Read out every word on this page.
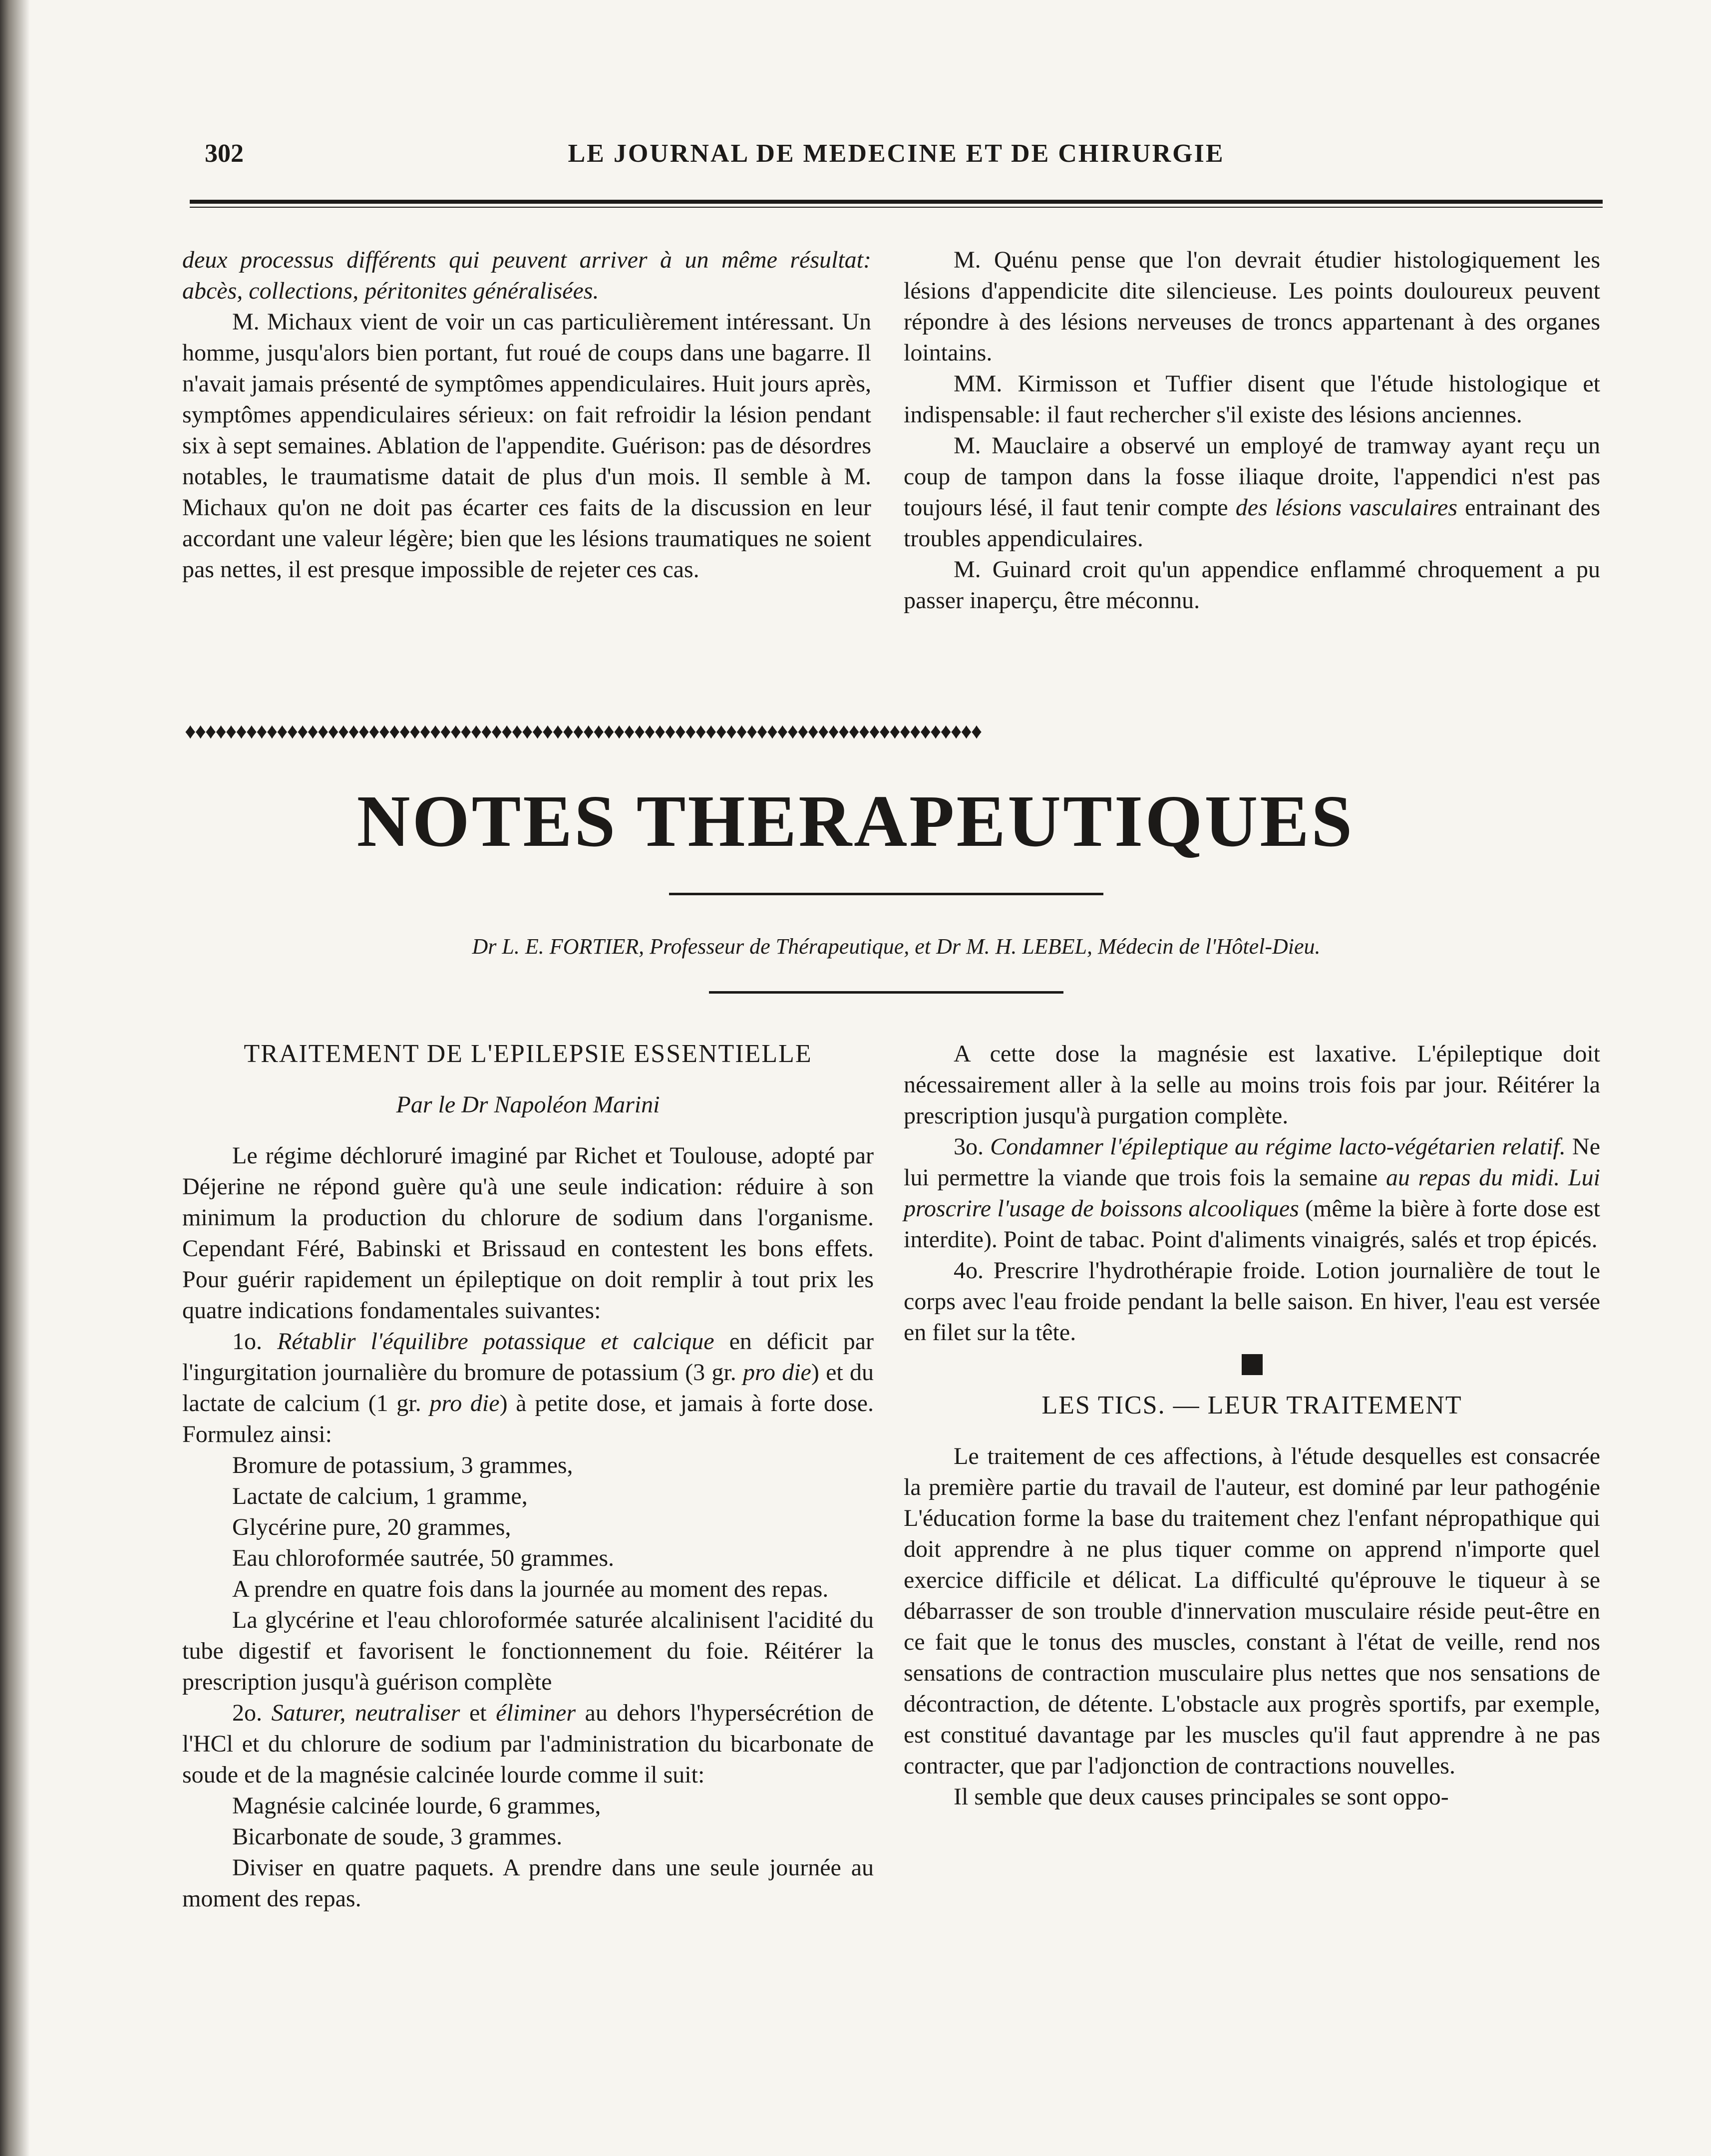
302	LE JOURNAL DE MEDECINE ET DE CHIRURGIE

deux processus différents qui peuvent arriver à un même résultat: abcès, collections, péritonites généralisées.

M. Michaux vient de voir un cas particulièrement intéressant. Un homme, jusqu'alors bien portant, fut roué de coups dans une bagarre. Il n'avait jamais présenté de symptômes appendiculaires. Huit jours après, symptômes appendiculaires sérieux: on fait refroidir la lésion pendant six à sept semaines. Ablation de l'appendite. Guérison: pas de désordres notables, le traumatisme datait de plus d'un mois. Il semble à M. Michaux qu'on ne doit pas écarter ces faits de la discussion en leur accordant une valeur légère; bien que les lésions traumatiques ne soient pas nettes, il est presque impossible de rejeter ces cas.

M. Quénu pense que l'on devrait étudier histologiquement les lésions d'appendicite dite silencieuse. Les points douloureux peuvent répondre à des lésions nerveuses de troncs appartenant à des organes lointains.

MM. Kirmisson et Tuffier disent que l'étude histologique et indispensable: il faut rechercher s'il existe des lésions anciennes.

M. Mauclaire a observé un employé de tramway ayant reçu un coup de tampon dans la fosse iliaque droite, l'appendici n'est pas toujours lésé, il faut tenir compte des lésions vasculaires entrainant des troubles appendiculaires.

M. Guinard croit qu'un appendice enflammé chroquement a pu passer inaperçu, être méconnu.

♦♦♦♦♦♦♦♦♦♦♦♦♦♦♦♦♦♦♦♦♦♦♦♦♦♦♦♦♦♦♦♦♦♦♦♦♦♦♦♦♦♦♦♦♦♦♦♦♦♦♦♦♦♦♦♦♦♦♦♦♦♦♦♦♦♦♦♦♦♦♦♦♦♦♦♦♦♦
NOTES THERAPEUTIQUES
Dr L. E. FORTIER, Professeur de Thérapeutique, et Dr M. H. LEBEL, Médecin de l'Hôtel-Dieu.

TRAITEMENT DE L'EPILEPSIE ESSENTIELLE

Par le Dr Napoléon Marini

Le régime déchloruré imaginé par Richet et Toulouse, adopté par Déjerine ne répond guère qu'à une seule indication: réduire à son minimum la production du chlorure de sodium dans l'organisme. Cependant Féré, Babinski et Brissaud en contestent les bons effets. Pour guérir rapidement un épileptique on doit remplir à tout prix les quatre indications fondamentales suivantes:

1o. Rétablir l'équilibre potassique et calcique en déficit par l'ingurgitation journalière du bromure de potassium (3 gr. pro die) et du lactate de calcium (1 gr. pro die) à petite dose, et jamais à forte dose. Formulez ainsi:

Bromure de potassium, 3 grammes,

Lactate de calcium, 1 gramme,

Glycérine pure, 20 grammes,

Eau chloroformée sautrée, 50 grammes.

A prendre en quatre fois dans la journée au moment des repas.

La glycérine et l'eau chloroformée saturée alcalinisent l'acidité du tube digestif et favorisent le fonctionnement du foie. Réitérer la prescription jusqu'à guérison complète

2o. Saturer, neutraliser et éliminer au dehors l'hypersécrétion de l'HCl et du chlorure de sodium par l'administration du bicarbonate de soude et de la magnésie calcinée lourde comme il suit:

Magnésie calcinée lourde, 6 grammes,

Bicarbonate de soude, 3 grammes.

Diviser en quatre paquets. A prendre dans une seule journée au moment des repas.

A cette dose la magnésie est laxative. L'épileptique doit nécessairement aller à la selle au moins trois fois par jour. Réitérer la prescription jusqu'à purgation complète.

3o. Condamner l'épileptique au régime lacto-végétarien relatif. Ne lui permettre la viande que trois fois la semaine au repas du midi. Lui proscrire l'usage de boissons alcooliques (même la bière à forte dose est interdite). Point de tabac. Point d'aliments vinaigrés, salés et trop épicés.

4o. Prescrire l'hydrothérapie froide. Lotion journalière de tout le corps avec l'eau froide pendant la belle saison. En hiver, l'eau est versée en filet sur la tête.

LES TICS. — LEUR TRAITEMENT

Le traitement de ces affections, à l'étude desquelles est consacrée la première partie du travail de l'auteur, est dominé par leur pathogénie L'éducation forme la base du traitement chez l'enfant népropathique qui doit apprendre à ne plus tiquer comme on apprend n'importe quel exercice difficile et délicat. La difficulté qu'éprouve le tiqueur à se débarrasser de son trouble d'innervation musculaire réside peut-être en ce fait que le tonus des muscles, constant à l'état de veille, rend nos sensations de contraction musculaire plus nettes que nos sensations de décontraction, de détente. L'obstacle aux progrès sportifs, par exemple, est constitué davantage par les muscles qu'il faut apprendre à ne pas contracter, que par l'adjonction de contractions nouvelles.

Il semble que deux causes principales se sont oppo-
